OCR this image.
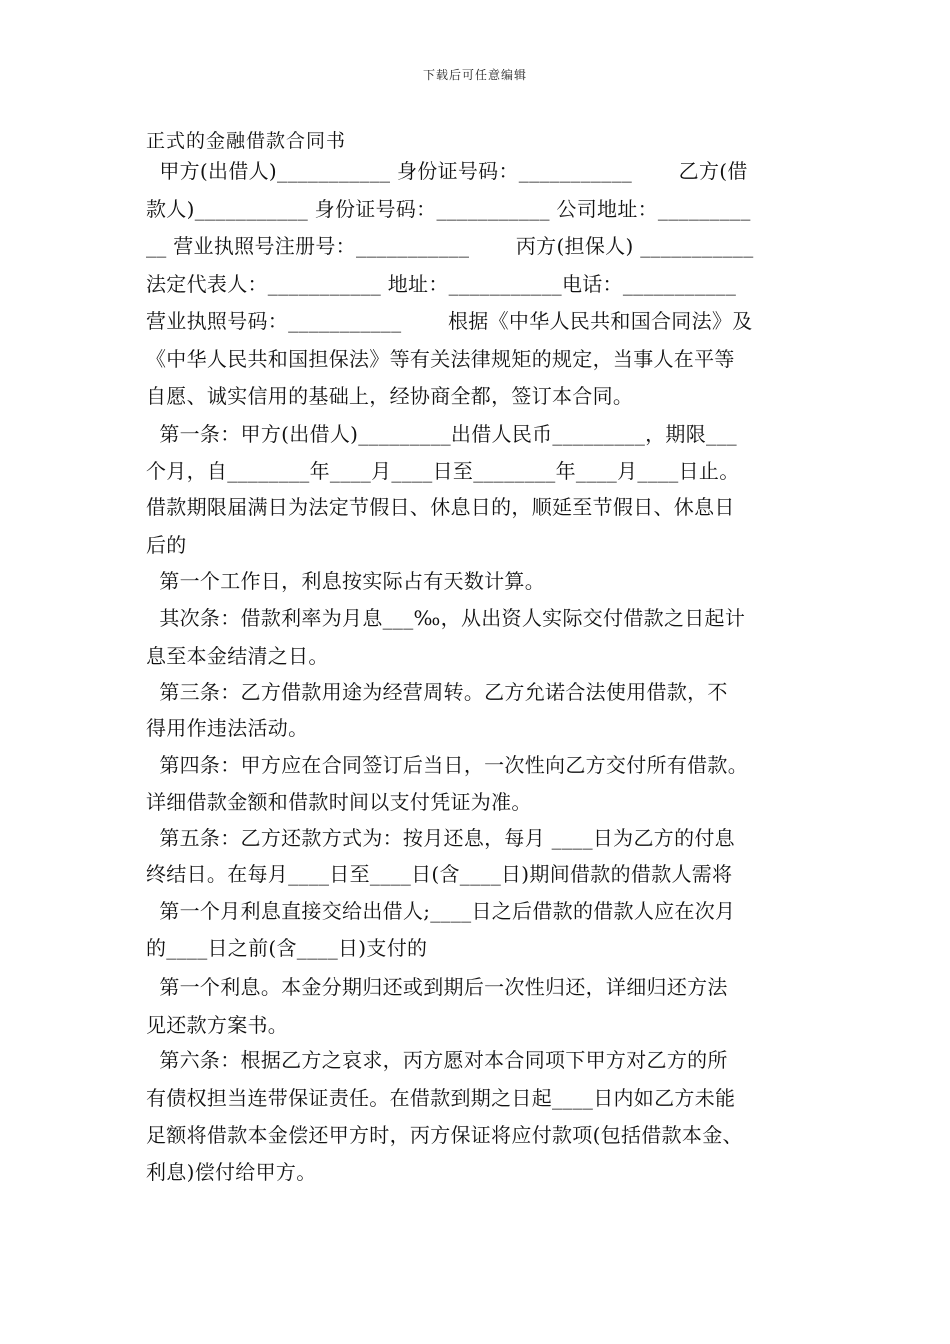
下载后可任意编辑
正式的金融借款合同书
甲方(出借人)___________ 身份证号码：___________       乙方(借
款人)___________ 身份证号码：___________ 公司地址：_________
__ 营业执照号注册号：___________       丙方(担保人) ___________
法定代表人：___________ 地址：___________电话：___________
营业执照号码：___________       根据《中华人民共和国合同法》及
《中华人民共和国担保法》等有关法律规矩的规定，当事人在平等
自愿、诚实信用的基础上，经协商全都，签订本合同。
第一条：甲方(出借人)_________出借人民币_________，期限___
个月，自________年____月____日至________年____月____日止。
借款期限届满日为法定节假日、休息日的，顺延至节假日、休息日
后的
第一个工作日，利息按实际占有天数计算。
其次条：借款利率为月息___‰，从出资人实际交付借款之日起计
息至本金结清之日。
第三条：乙方借款用途为经营周转。乙方允诺合法使用借款，不
得用作违法活动。
第四条：甲方应在合同签订后当日，一次性向乙方交付所有借款。
详细借款金额和借款时间以支付凭证为准。
第五条：乙方还款方式为：按月还息，每月 ____日为乙方的付息
终结日。在每月____日至____日(含____日)期间借款的借款人需将
第一个月利息直接交给出借人;____日之后借款的借款人应在次月
的____日之前(含____日)支付的
第一个利息。本金分期归还或到期后一次性归还，详细归还方法
见还款方案书。
第六条：根据乙方之哀求，丙方愿对本合同项下甲方对乙方的所
有债权担当连带保证责任。在借款到期之日起____日内如乙方未能
足额将借款本金偿还甲方时，丙方保证将应付款项(包括借款本金、
利息)偿付给甲方。
